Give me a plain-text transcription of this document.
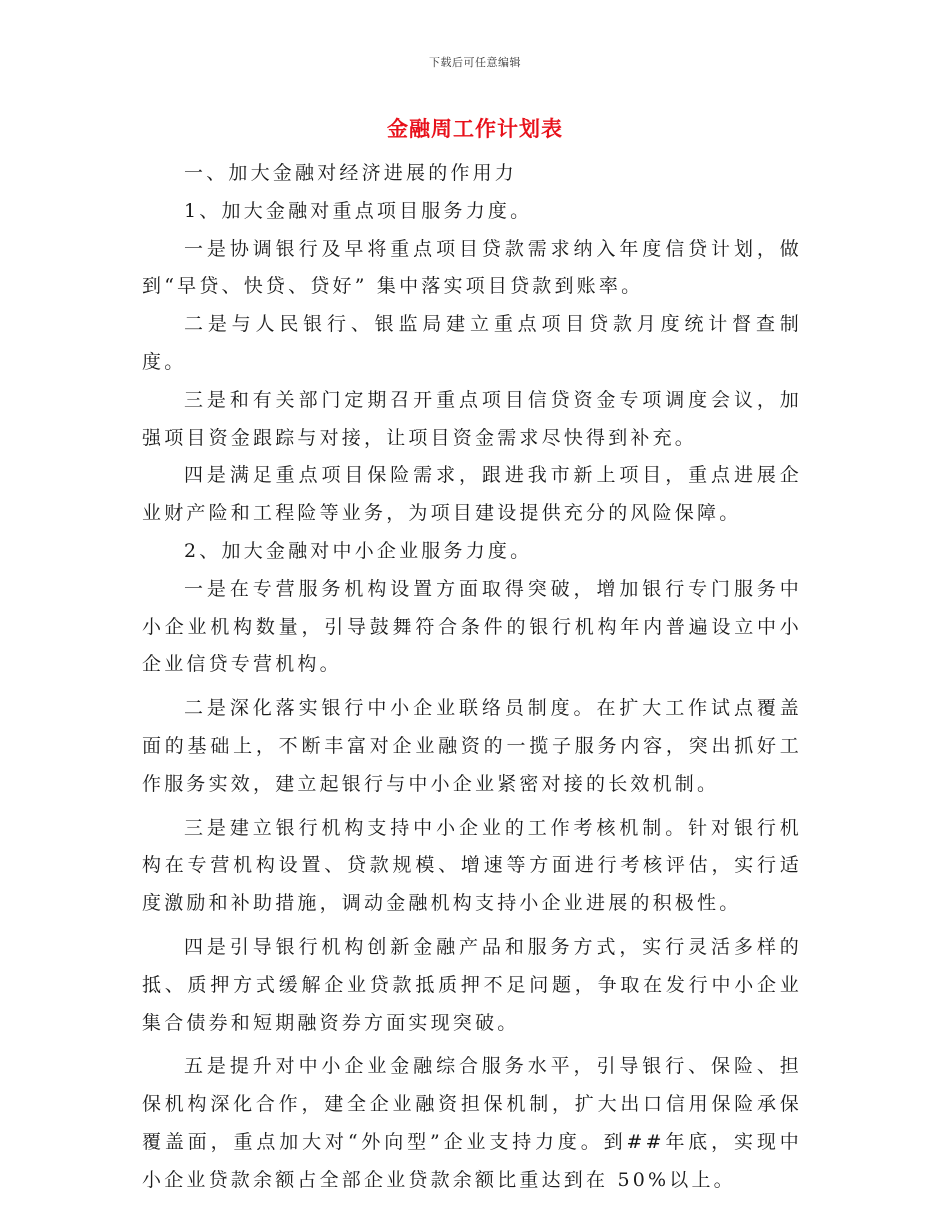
下载后可任意编辑
金融周工作计划表

一、加大金融对经济进展的作用力

1、加大金融对重点项目服务力度。

一是协调银行及早将重点项目贷款需求纳入年度信贷计划，做到“早贷、快贷、贷好” 集中落实项目贷款到账率。

二是与人民银行、银监局建立重点项目贷款月度统计督查制度。

三是和有关部门定期召开重点项目信贷资金专项调度会议，加强项目资金跟踪与对接，让项目资金需求尽快得到补充。

四是满足重点项目保险需求，跟进我市新上项目，重点进展企业财产险和工程险等业务，为项目建设提供充分的风险保障。

2、加大金融对中小企业服务力度。

一是在专营服务机构设置方面取得突破，增加银行专门服务中小企业机构数量，引导鼓舞符合条件的银行机构年内普遍设立中小企业信贷专营机构。

二是深化落实银行中小企业联络员制度。在扩大工作试点覆盖面的基础上，不断丰富对企业融资的一揽子服务内容，突出抓好工作服务实效，建立起银行与中小企业紧密对接的长效机制。

三是建立银行机构支持中小企业的工作考核机制。针对银行机构在专营机构设置、贷款规模、增速等方面进行考核评估，实行适度激励和补助措施，调动金融机构支持小企业进展的积极性。

四是引导银行机构创新金融产品和服务方式，实行灵活多样的抵、质押方式缓解企业贷款抵质押不足问题，争取在发行中小企业集合债券和短期融资券方面实现突破。

五是提升对中小企业金融综合服务水平，引导银行、保险、担保机构深化合作，建全企业融资担保机制，扩大出口信用保险承保覆盖面，重点加大对“外向型”企业支持力度。到##年底，实现中小企业贷款余额占全部企业贷款余额比重达到在 50%以上。
